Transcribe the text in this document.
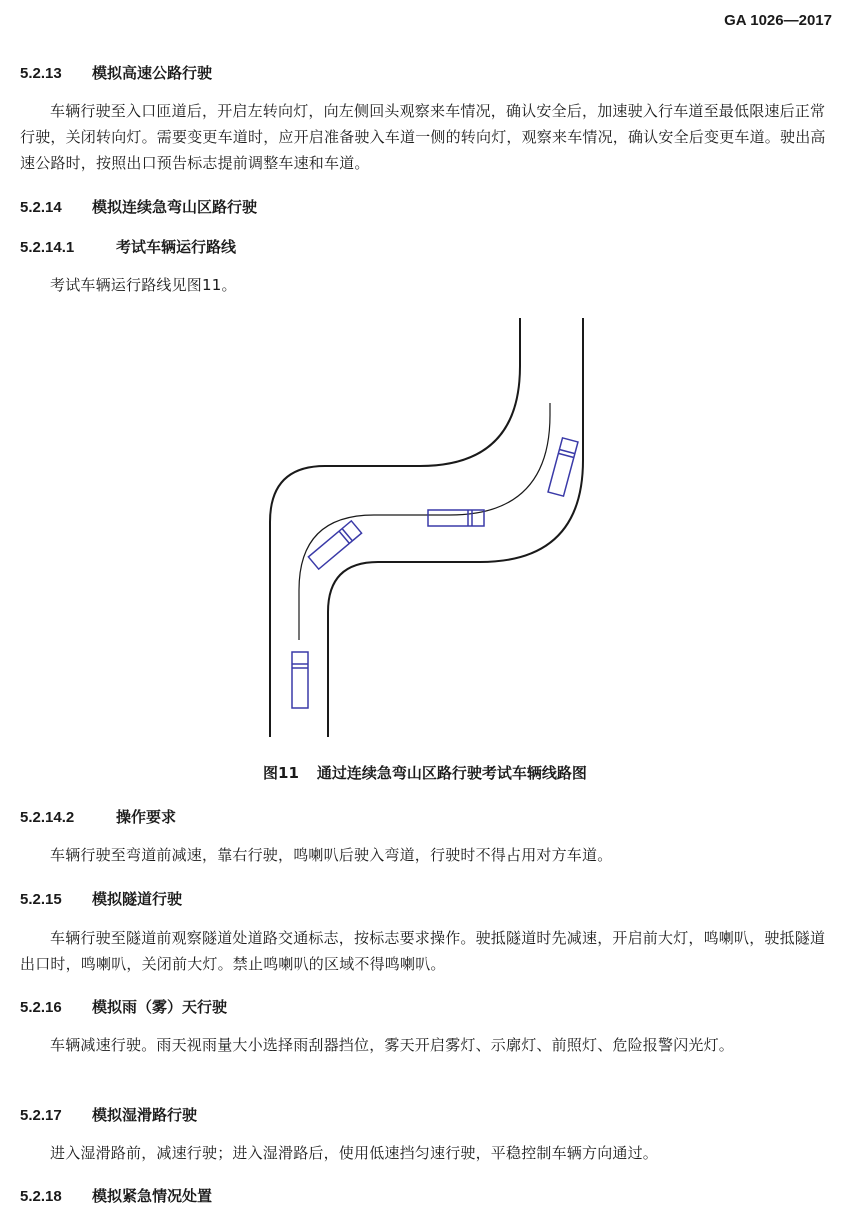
GA 1026—2017
5.2.13 模拟高速公路行驶
车辆行驶至入口匝道后，开启左转向灯，向左侧回头观察来车情况，确认安全后，加速驶入行车道至最低限速后正常行驶，关闭转向灯。需要变更车道时，应开启准备驶入车道一侧的转向灯，观察来车情况，确认安全后变更车道。驶出高速公路时，按照出口预告标志提前调整车速和车道。
5.2.14 模拟连续急弯山区路行驶
5.2.14.1	考试车辆运行路线
考试车辆运行路线见图11。
图11 通过连续急弯山区路行驶考试车辆线路图
5.2.14.2	操作要求
车辆行驶至弯道前减速，靠右行驶，鸣喇叭后驶入弯道，行驶时不得占用对方车道。
5.2.15 模拟隧道行驶
车辆行驶至隧道前观察隧道处道路交通标志，按标志要求操作。驶抵隧道时先减速，开启前大灯，鸣喇叭，驶抵隧道出口时，鸣喇叭，关闭前大灯。禁止鸣喇叭的区域不得鸣喇叭。
5.2.16 模拟雨（雾）天行驶
车辆减速行驶。雨天视雨量大小选择雨刮器挡位，雾天开启雾灯、示廓灯、前照灯、危险报警闪光灯。
5.2.17 模拟湿滑路行驶
进入湿滑路前，减速行驶；进入湿滑路后，使用低速挡匀速行驶，平稳控制车辆方向通过。
5.2.18 模拟紧急情况处置
